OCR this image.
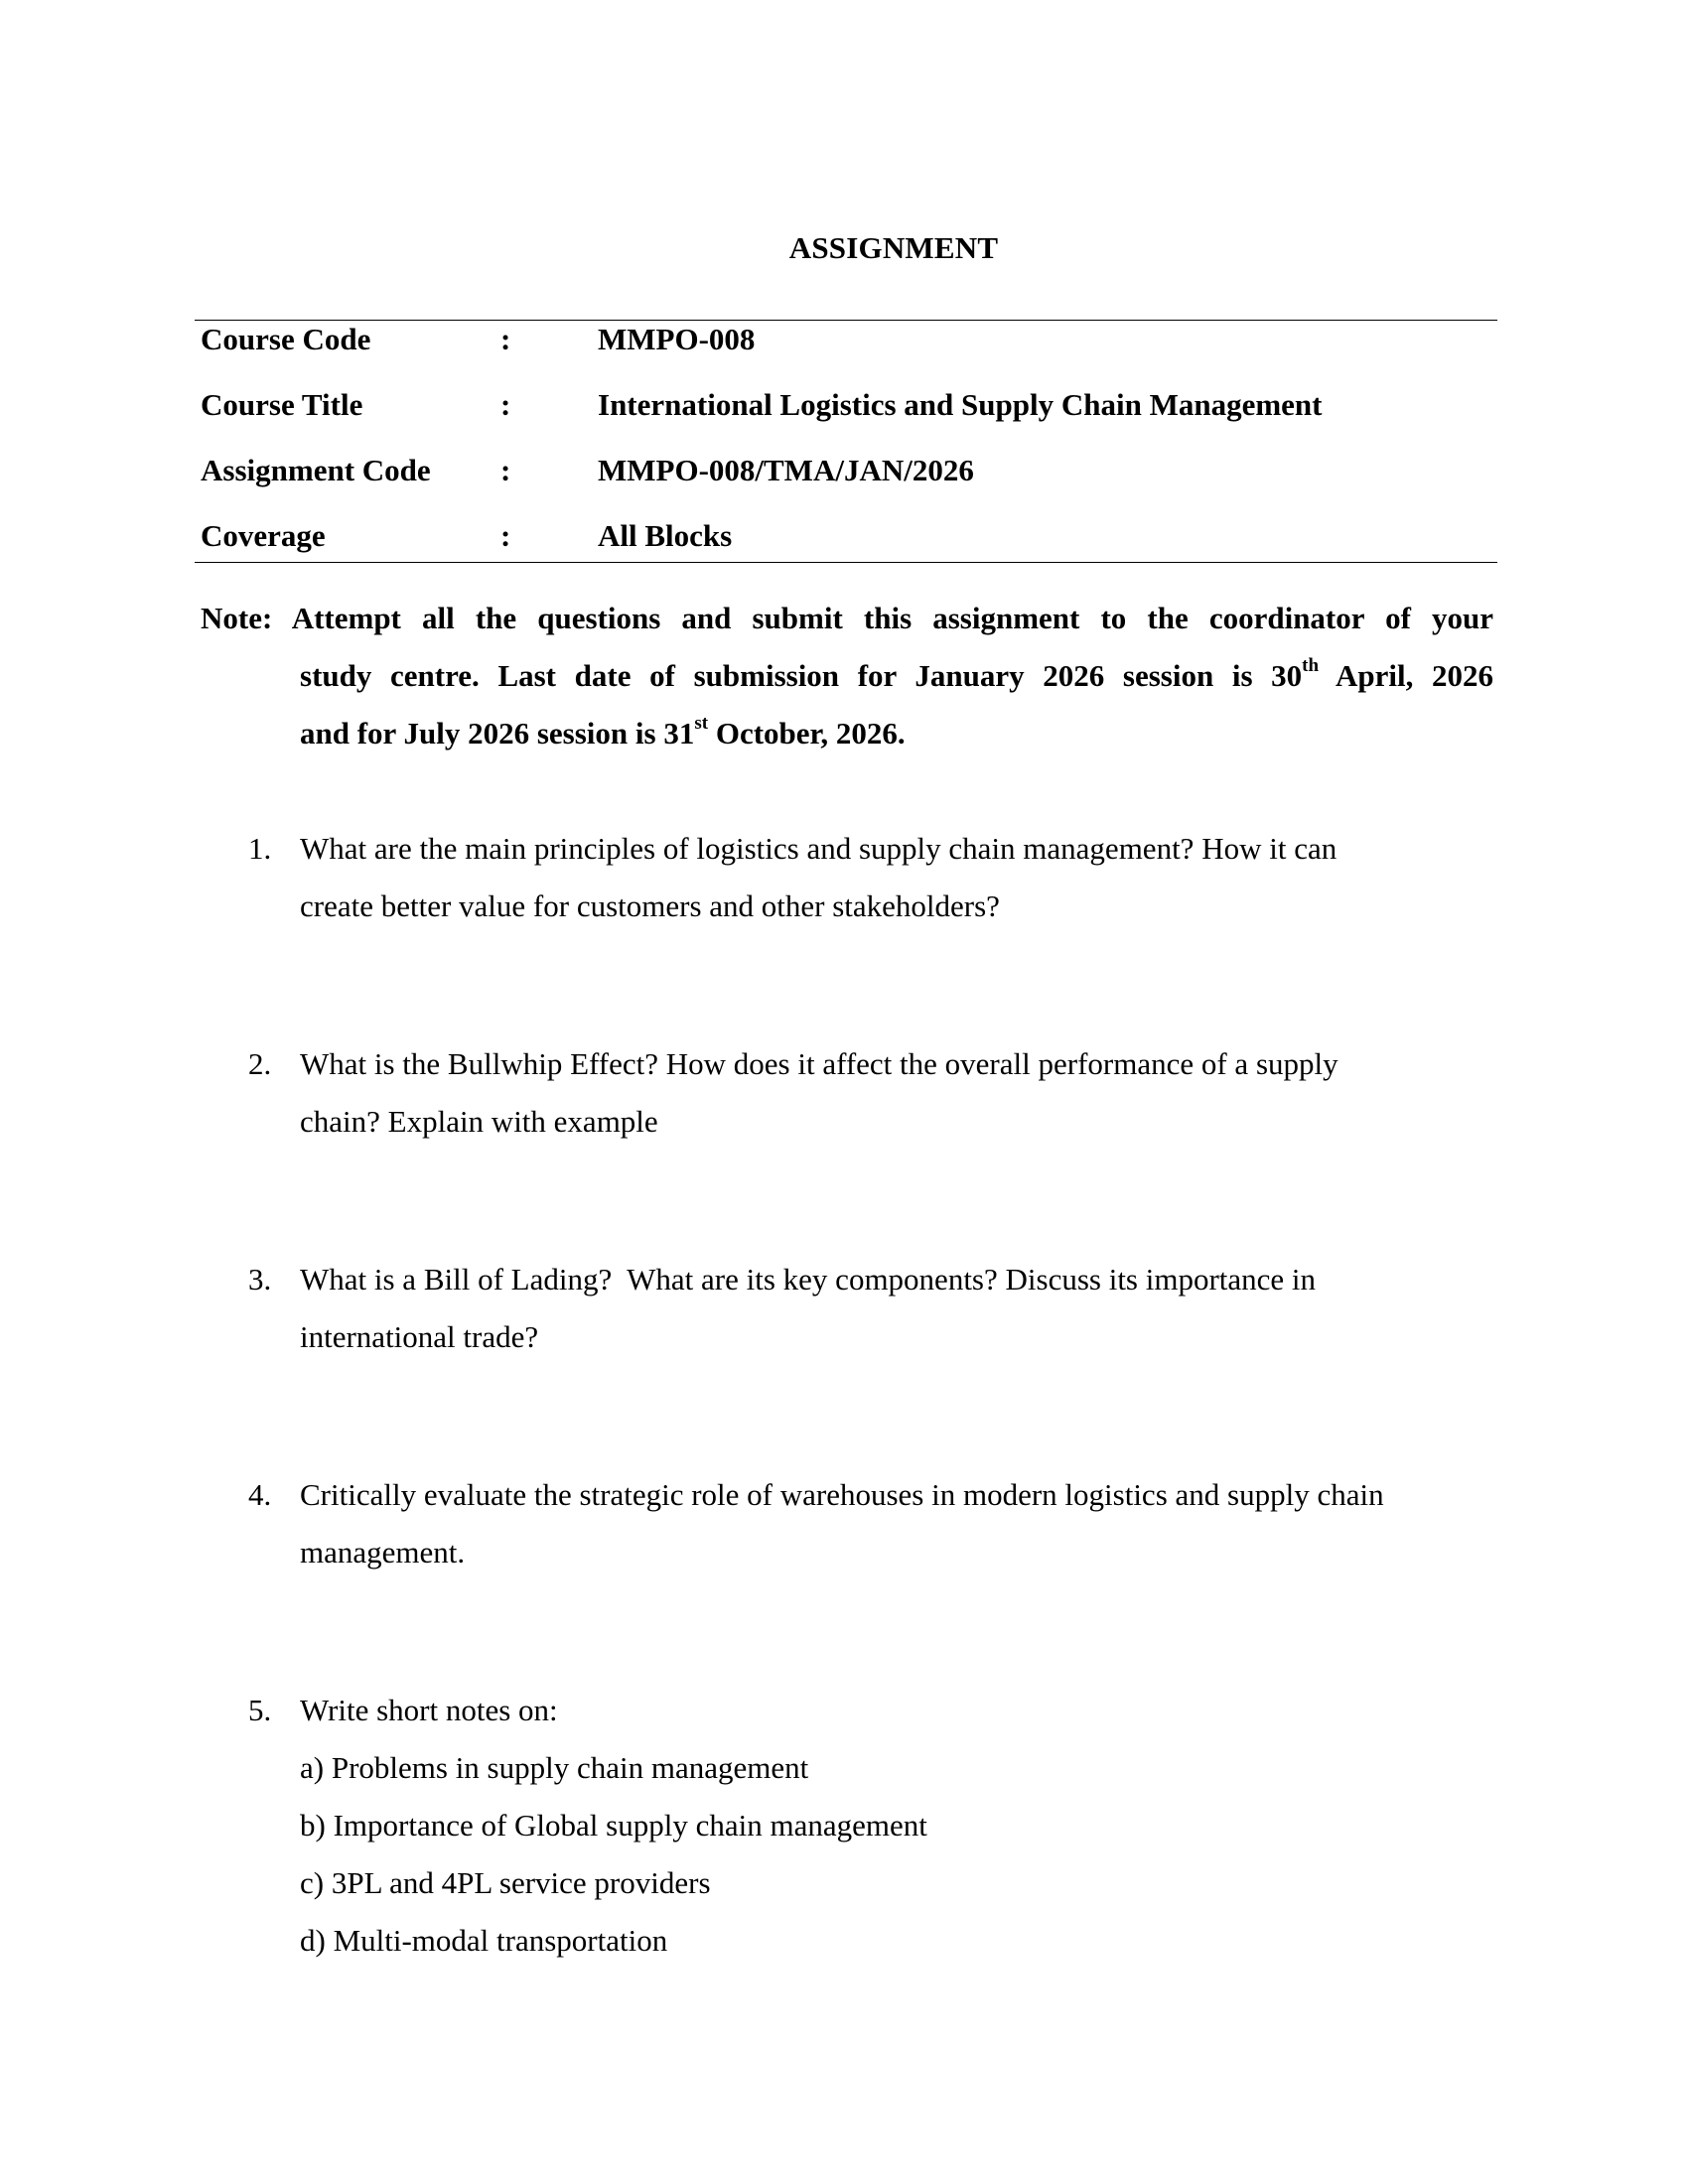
ASSIGNMENT
Course Code	:	MMPO-008
Course Title	:	International Logistics and Supply Chain Management
Assignment Code :	MMPO-008/TMA/JAN/2026
Coverage	:	All Blocks
Note: Attempt all the questions and submit this assignment to the coordinator of your
study centre. Last date of submission for January 2026 session is 30th April, 2026
and for July 2026 session is 31st October, 2026.
1. What are the main principles of logistics and supply chain management? How it can
create better value for customers and other stakeholders?
2. What is the Bullwhip Effect? How does it affect the overall performance of a supply
chain? Explain with example
3. What is a Bill of Lading?  What are its key components? Discuss its importance in
international trade?
4. Critically evaluate the strategic role of warehouses in modern logistics and supply chain
management.
5. Write short notes on:
a) Problems in supply chain management
b) Importance of Global supply chain management
c) 3PL and 4PL service providers
d) Multi-modal transportation
